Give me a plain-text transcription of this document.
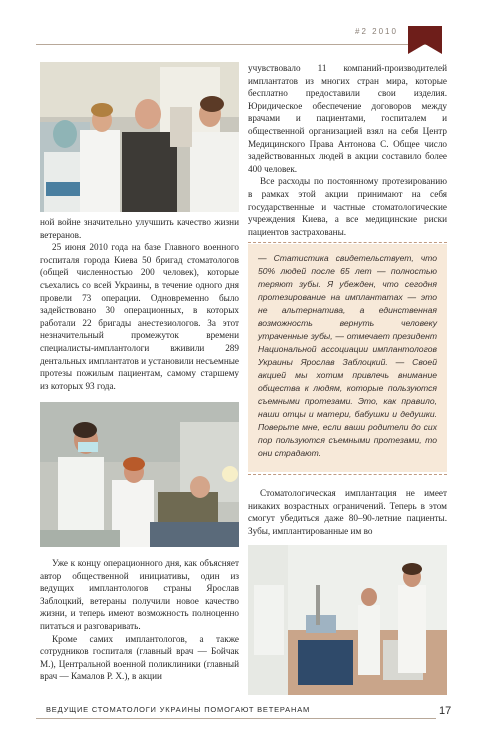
#2 2010

ной войне значительно улучшить качество жизни ветеранов.

25 июня 2010 года на базе Главного военного госпиталя города Киева 50 бригад стоматологов (общей численностью 200 человек), которые съехались со всей Украины, в течение одного дня провели 73 операции. Одновременно было задействовано 30 операционных, в которых работали 22 бригады анестезиологов. За этот незначительный промежуток времени специалисты-имплантологи вживили 289 дентальных имплантатов и установили несъемные протезы пожилым пациентам, самому старшему из которых 93 года.

Уже к концу операционного дня, как объясняет автор общественной инициативы, один из ведущих имплантологов страны Ярослав Заблоцкий, ветераны получили новое качество жизни, и теперь имеют возможность полноценно питаться и разговаривать.

Кроме самих имплантологов, а также сотрудников госпиталя (главный врач — Бойчак М.), Центральной военной поликлиники (главный врач — Камалов Р. Х.), в акции

учувствовало 11 компаний-производителей имплантатов из многих стран мира, которые бесплатно предоставили свои изделия. Юридическое обеспечение договоров между врачами и пациентами, госпиталем и общественной организацией взял на себя Центр Медицинского Права Антонова С. Общее число задействованных людей в акции составило более 400 человек.

Все расходы по постоянному протезированию в рамках этой акции принимают на себя государственные и частные стоматологические учреждения Киева, а все медицинские риски пациентов застрахованы.

— Статистика свидетельствует, что 50% людей после 65 лет — полностью теряют зубы. Я убежден, что сегодня протезирование на имплантатах — это не альтернатива, а единственная возможность вернуть человеку утраченные зубы, — отмечает президент Национальной ассоциации имплантологов Украины Ярослав Заблоцкий. — Своей акцией мы хотим привлечь внимание общества к людям, которые пользуются съемными протезами. Это, как правило, наши отцы и матери, бабушки и дедушки. Поверьте мне, если ваши родители до сих пор пользуются съемными протезами, то они страдают.

Стоматологическая имплантация не имеет никаких возрастных ограничений. Теперь в этом смогут убедиться даже 80–90-летние пациенты. Зубы, имплантированные им во

ВЕДУЩИЕ СТОМАТОЛОГИ УКРАИНЫ ПОМОГАЮТ ВЕТЕРАНАМ	17
